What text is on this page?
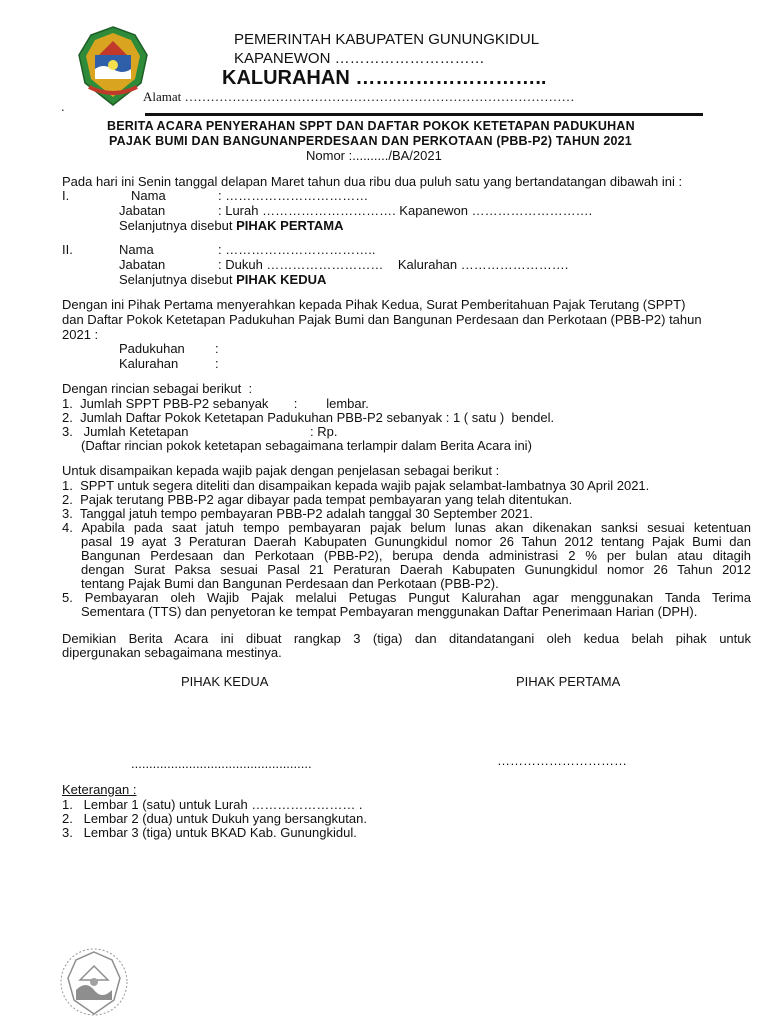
PEMERINTAH KABUPATEN GUNUNGKIDUL
KAPANEWON …………………………
KALURAHAN ………………………..
Alamat ………………………………………………………………………………
.
BERITA ACARA PENYERAHAN SPPT DAN DAFTAR POKOK KETETAPAN PADUKUHAN
PAJAK BUMI DAN BANGUNANPERDESAAN DAN PERKOTAAN (PBB-P2) TAHUN 2021
Nomor :........../BA/2021
Pada hari ini Senin tanggal delapan Maret tahun dua ribu dua puluh satu yang bertandatangan dibawah ini :
I.	Nama	: ……………………………
Jabatan	: Lurah …………………………. Kapanewon ……………………….
Selanjutnya disebut PIHAK PERTAMA
II.	Nama	: ……………………………..
Jabatan	: Dukuh ………………………    Kalurahan …………………….
Selanjutnya disebut PIHAK KEDUA
Dengan ini Pihak Pertama menyerahkan kepada Pihak Kedua, Surat Pemberitahuan Pajak Terutang (SPPT)
dan Daftar Pokok Ketetapan Padukuhan Pajak Bumi dan Bangunan Perdesaan dan Perkotaan (PBB-P2) tahun
2021 :
Padukuhan :
Kalurahan	:
Dengan rincian sebagai berikut  :
1.  Jumlah SPPT PBB-P2 sebanyak       :        lembar.
2.  Jumlah Daftar Pokok Ketetapan Padukuhan PBB-P2 sebanyak : 1 ( satu )  bendel.
3.   Jumlah Ketetapan	: Rp.
(Daftar rincian pokok ketetapan sebagaimana terlampir dalam Berita Acara ini)
Untuk disampaikan kepada wajib pajak dengan penjelasan sebagai berikut :
1.  SPPT untuk segera diteliti dan disampaikan kepada wajib pajak selambat-lambatnya 30 April 2021.
2.  Pajak terutang PBB-P2 agar dibayar pada tempat pembayaran yang telah ditentukan.
3.  Tanggal jatuh tempo pembayaran PBB-P2 adalah tanggal 30 September 2021.
4. Apabila pada saat jatuh tempo pembayaran pajak belum lunas akan dikenakan sanksi sesuai ketentuan
pasal 19 ayat 3 Peraturan Daerah Kabupaten Gunungkidul nomor 26 Tahun 2012 tentang Pajak Bumi dan
Bangunan Perdesaan dan Perkotaan (PBB-P2), berupa denda administrasi 2 % per bulan atau ditagih
dengan Surat Paksa sesuai Pasal 21 Peraturan Daerah Kabupaten Gunungkidul nomor 26 Tahun 2012
tentang Pajak Bumi dan Bangunan Perdesaan dan Perkotaan (PBB-P2).
5. Pembayaran oleh Wajib Pajak melalui Petugas Pungut Kalurahan agar menggunakan Tanda Terima
Sementara (TTS) dan penyetoran ke tempat Pembayaran menggunakan Daftar Penerimaan Harian (DPH).
Demikian Berita Acara ini dibuat rangkap 3 (tiga) dan ditandatangani oleh kedua belah pihak untuk
dipergunakan sebagaimana mestinya.
PIHAK KEDUA	PIHAK PERTAMA
..................................................	…………………………
Keterangan :
1.   Lembar 1 (satu) untuk Lurah …………………… .
2.   Lembar 2 (dua) untuk Dukuh yang bersangkutan.
3.   Lembar 3 (tiga) untuk BKAD Kab. Gunungkidul.
